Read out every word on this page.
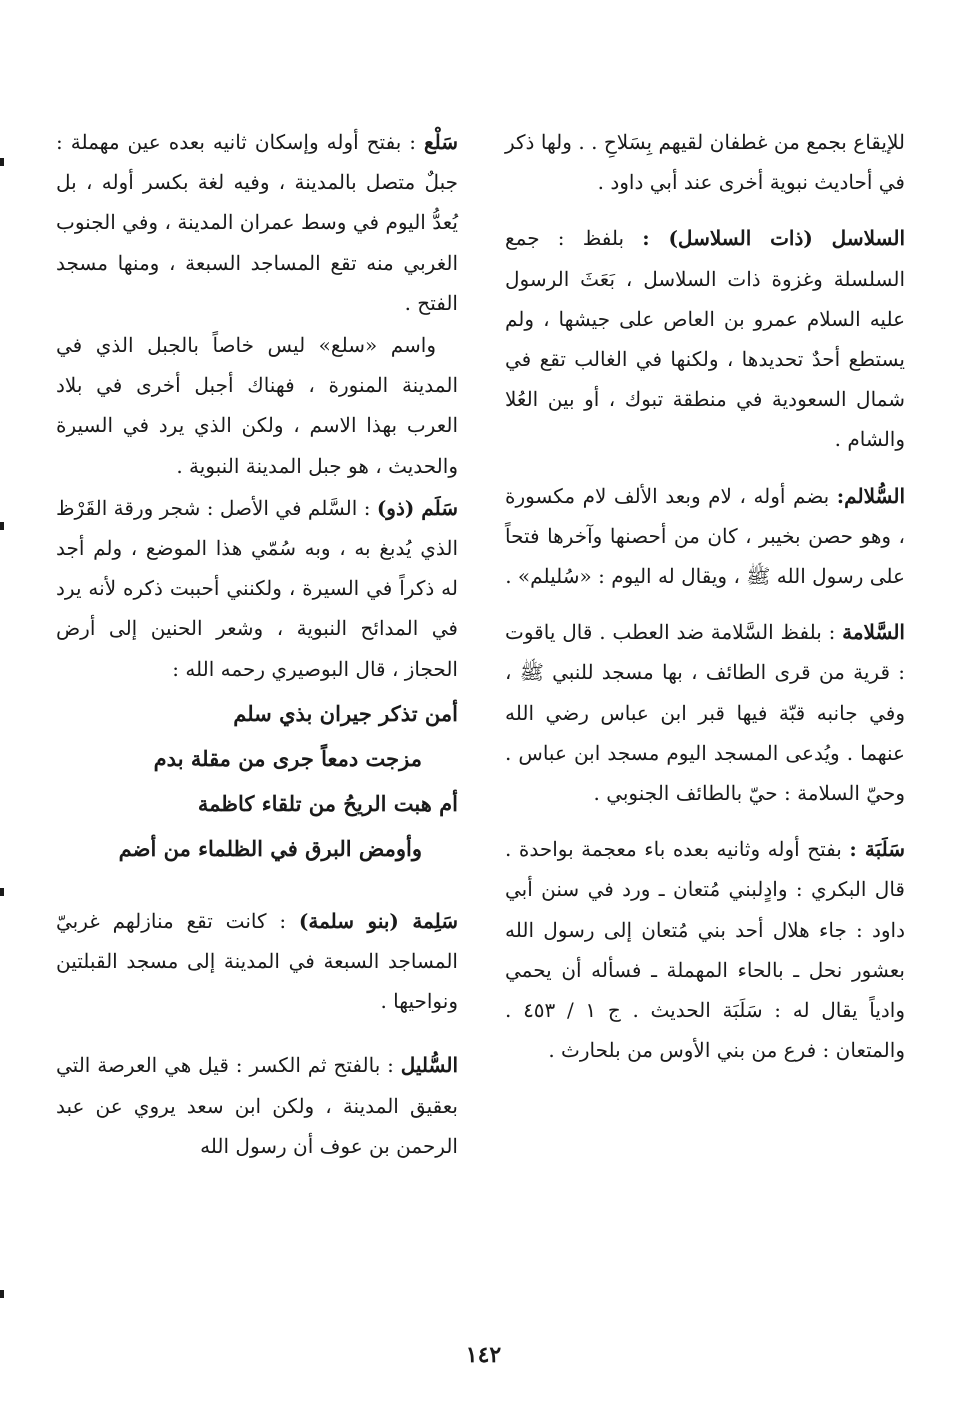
للإيقاع بجمع من غطفان لقيهم بِسَلاحِ . . ولها ذكر في أحاديث نبوية أخرى عند أبي داود .

السلاسل (ذات السلاسل) : بلفظ : جمع السلسلة وغزوة ذات السلاسل ، بَعَثَ الرسول عليه السلام عمرو بن العاص على جيشها ، ولم يستطع أحدٌ تحديدها ، ولكنها في الغالب تقع في شمال السعودية في منطقة تبوك ، أو بين العُلا والشام .

السُّلالم: بضم أوله ، لام وبعد الألف لام مكسورة ، وهو حصن بخيبر ، كان من أحصنها وآخرها فتحاً على رسول الله ﷺ ، ويقال له اليوم : «سُليلم» .

السَّلامة : بلفظ السَّلامة ضد العطب . قال ياقوت : قرية من قرى الطائف ، بها مسجد للنبي ﷺ ، وفي جانبه قبّة فيها قبر ابن عباس رضي الله عنهما . ويُدعى المسجد اليوم مسجد ابن عباس . وحيّ السلامة : حيّ بالطائف الجنوبي .

سَلَبَة : بفتح أوله وثانيه بعده باء معجمة بواحدة . قال البكري : وادٍلبني مُتعان ـ ورد في سنن أبي داود : جاء هلال أحد بني مُتعان إلى رسول الله بعشور نحل ـ بالحاء المهملة ـ فسأله أن يحمي وادياً يقال له : سَلَبَة الحديث . ج ١ / ٤٥٣ . والمتعان : فرع من بني الأوس من بلحارث .

سَلْع : بفتح أوله وإسكان ثانيه بعده عين مهملة : جبلٌ متصل بالمدينة ، وفيه لغة بكسر أوله ، بل يُعدُّ اليوم في وسط عمران المدينة ، وفي الجنوب الغربي منه تقع المساجد السبعة ، ومنها مسجد الفتح .

واسم «سلع» ليس خاصاً بالجبل الذي في المدينة المنورة ، فهناك أجبل أخرى في بلاد العرب بهذا الاسم ، ولكن الذي يرد في السيرة والحديث ، هو جبل المدينة النبوية .

سَلَم (ذو) : السَّلم في الأصل : شجر ورقة القَرْظ الذي يُدبغ به ، وبه سُمّي هذا الموضع ، ولم أجد له ذكراً في السيرة ، ولكنني أحببت ذكره لأنه يرد في المدائح النبوية ، وشعر الحنين إلى أرض الحجاز ، قال البوصيري رحمه الله :

أمن تذكر جيران بذي سلم
مزجت دمعاً جرى من مقلة بدم
أم هبت الريحُ من تلقاء كاظمة
وأومض البرق في الظلماء من أضم

سَلِمة (بنو سلمة) : كانت تقع منازلهم غربيّ المساجد السبعة في المدينة إلى مسجد القبلتين ونواحيها .

السُّليل : بالفتح ثم الكسر : قيل هي العرصة التي بعقيق المدينة ، ولكن ابن سعد يروي عن عبد الرحمن بن عوف أن رسول الله

١٤٢
